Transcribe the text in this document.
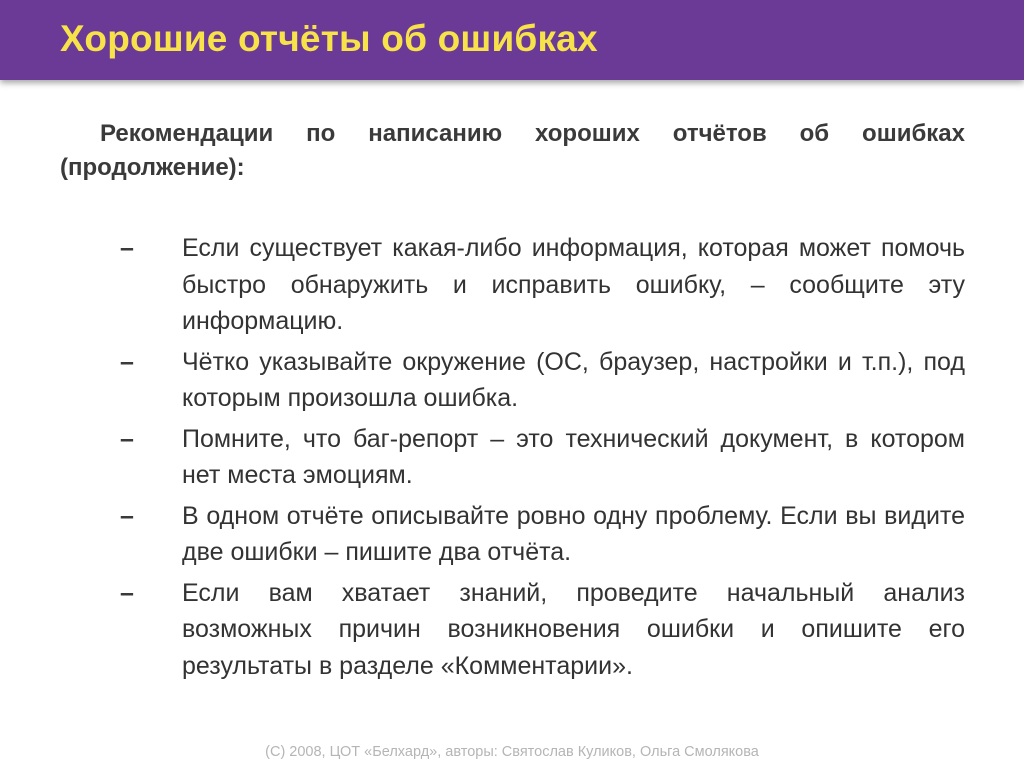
Хорошие отчёты об ошибках

Рекомендации по написанию хороших отчётов об ошибках (продолжение):

– Если существует какая-либо информация, которая может помочь быстро обнаружить и исправить ошибку, – сообщите эту информацию.
– Чётко указывайте окружение (ОС, браузер, настройки и т.п.), под которым произошла ошибка.
– Помните, что баг-репорт – это технический документ, в котором нет места эмоциям.
– В одном отчёте описывайте ровно одну проблему. Если вы видите две ошибки – пишите два отчёта.
– Если вам хватает знаний, проведите начальный анализ возможных причин возникновения ошибки и опишите его результаты в разделе «Комментарии».
(C) 2008, ЦОТ «Белхард», авторы: Святослав Куликов, Ольга Смолякова
